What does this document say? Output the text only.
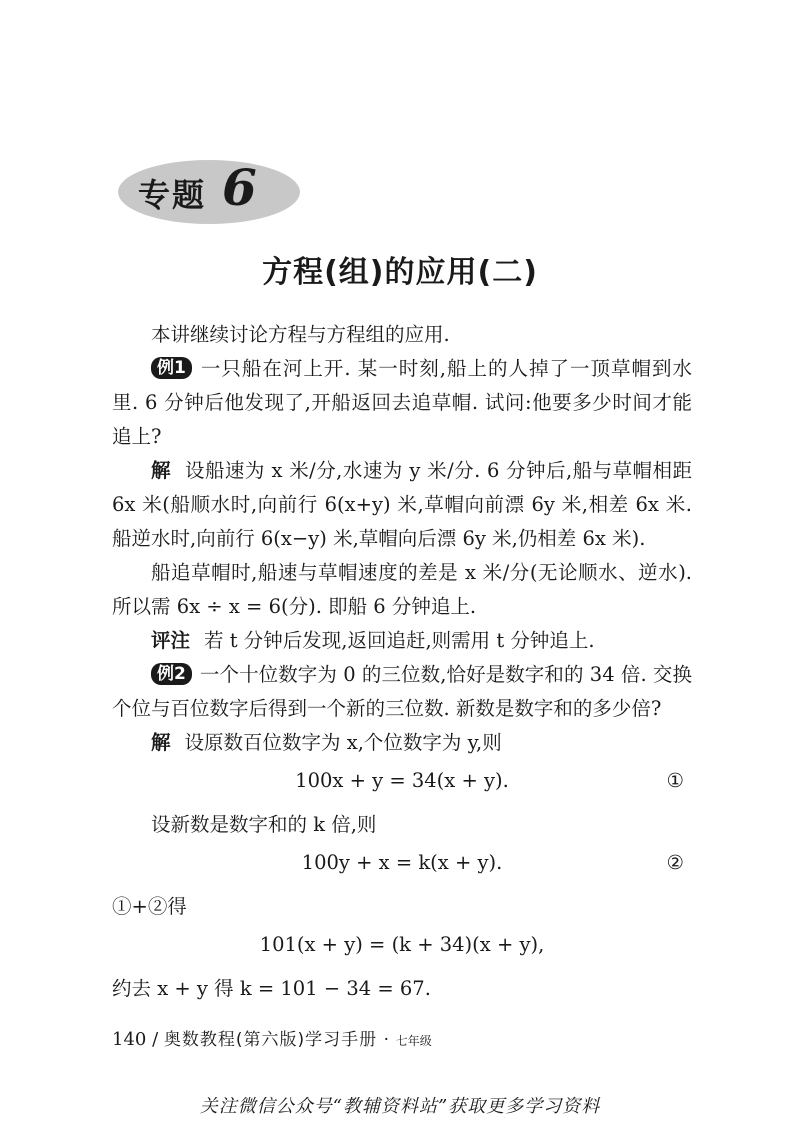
专题 6
方程(组)的应用(二)

本讲继续讨论方程与方程组的应用.

例1 一只船在河上开. 某一时刻,船上的人掉了一顶草帽到水里. 6 分钟后他发现了,开船返回去追草帽. 试问:他要多少时间才能追上?

解 设船速为 x 米/分,水速为 y 米/分. 6 分钟后,船与草帽相距 6x 米(船顺水时,向前行 6(x+y) 米,草帽向前漂 6y 米,相差 6x 米. 船逆水时,向前行 6(x−y) 米,草帽向后漂 6y 米,仍相差 6x 米).

船追草帽时,船速与草帽速度的差是 x 米/分(无论顺水、逆水). 所以需 6x ÷ x = 6(分). 即船 6 分钟追上.

评注 若 t 分钟后发现,返回追赶,则需用 t 分钟追上.

例2 一个十位数字为 0 的三位数,恰好是数字和的 34 倍. 交换个位与百位数字后得到一个新的三位数. 新数是数字和的多少倍?

解 设原数百位数字为 x,个位数字为 y,则

100x + y = 34(x + y).	①

设新数是数字和的 k 倍,则

100y + x = k(x + y).	②

①+②得

101(x + y) = (k + 34)(x + y),

约去 x + y 得 k = 101 − 34 = 67.

140 / 奥数教程(第六版)学习手册 · 七年级
关注微信公众号“教辅资料站”获取更多学习资料
